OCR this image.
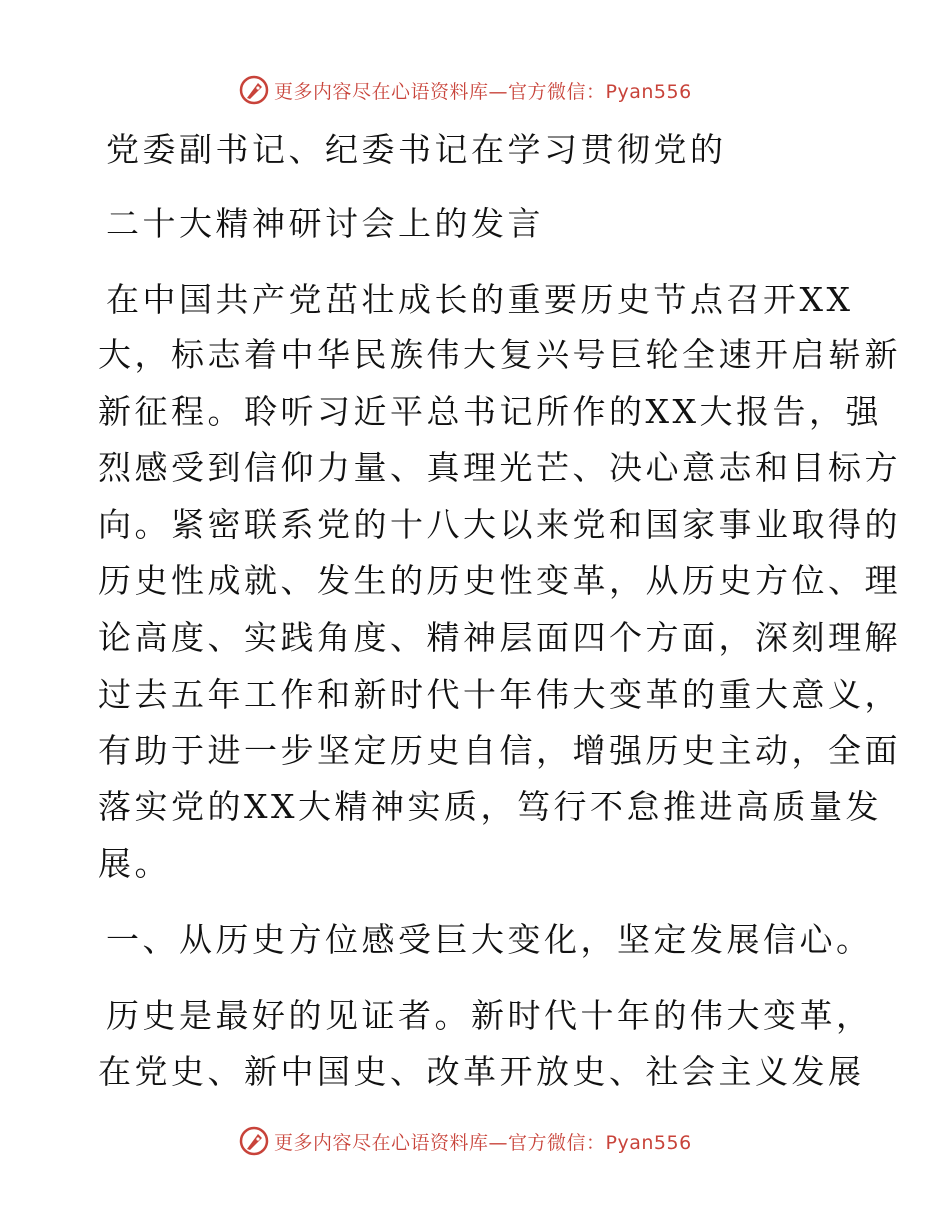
更多内容尽在心语资料库—官方微信：Pyan556
党委副书记、纪委书记在学习贯彻党的
二十大精神研讨会上的发言
在中国共产党茁壮成长的重要历史节点召开XX
大，标志着中华民族伟大复兴号巨轮全速开启崭新
新征程。聆听习近平总书记所作的XX大报告，强
烈感受到信仰力量、真理光芒、决心意志和目标方
向。紧密联系党的十八大以来党和国家事业取得的
历史性成就、发生的历史性变革，从历史方位、理
论高度、实践角度、精神层面四个方面，深刻理解
过去五年工作和新时代十年伟大变革的重大意义，
有助于进一步坚定历史自信，增强历史主动，全面
落实党的XX大精神实质，笃行不怠推进高质量发
展。
一、从历史方位感受巨大变化，坚定发展信心。
历史是最好的见证者。新时代十年的伟大变革，
在党史、新中国史、改革开放史、社会主义发展
更多内容尽在心语资料库—官方微信：Pyan556
